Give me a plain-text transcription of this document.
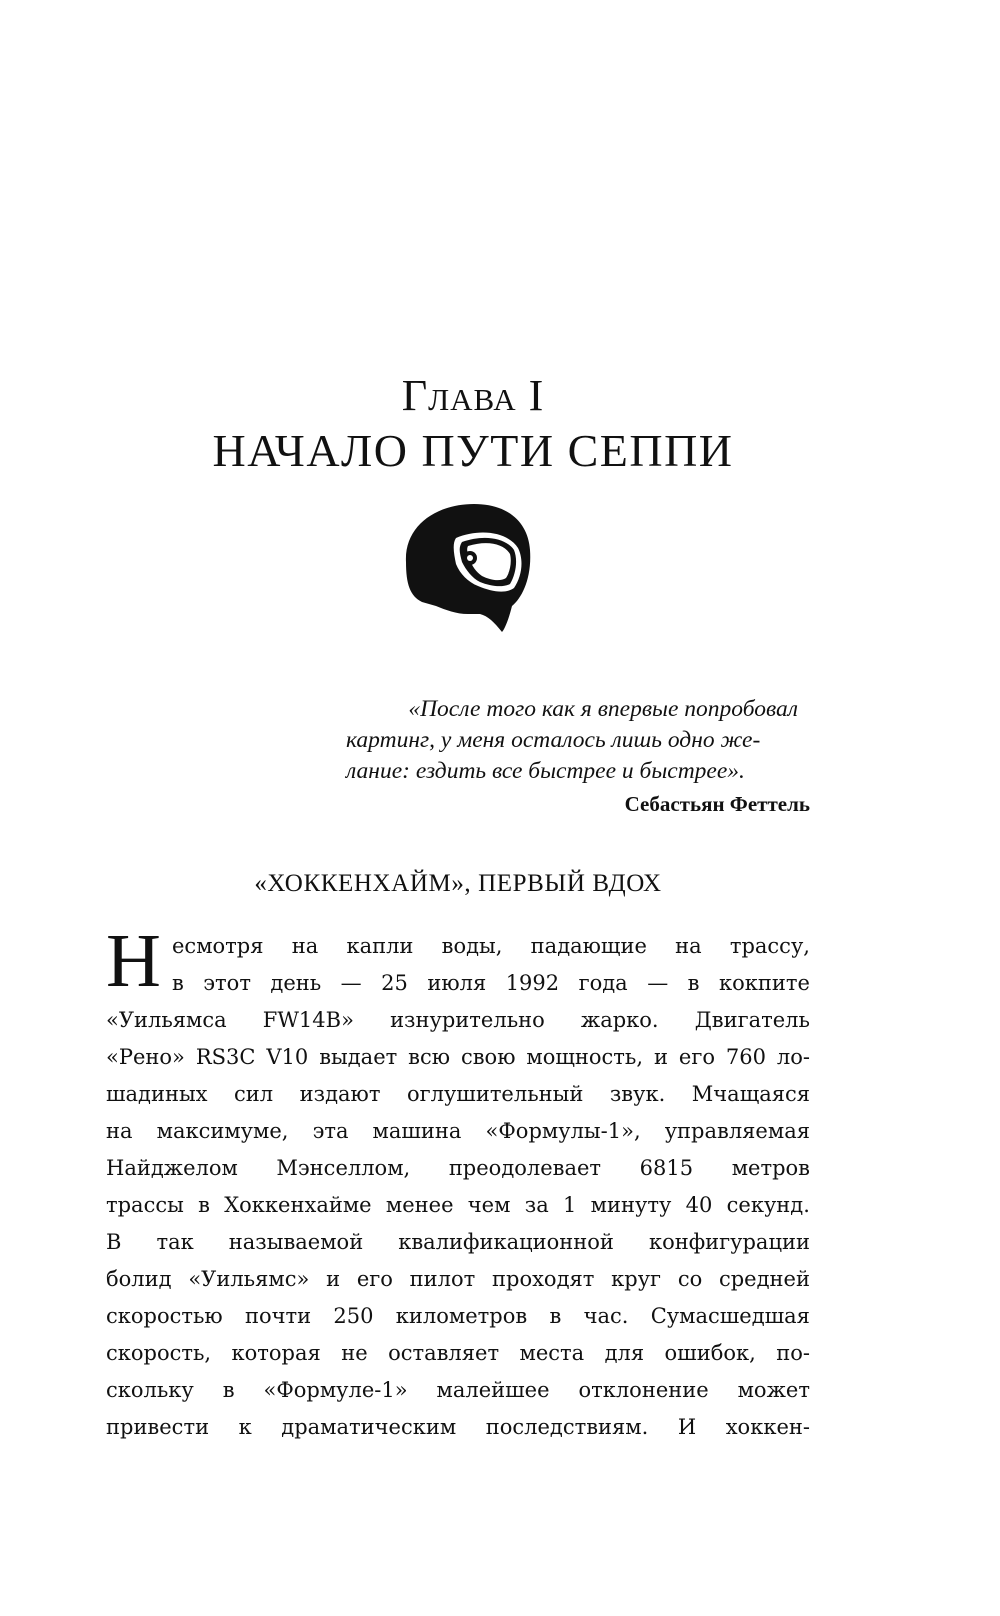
Глава I
НАЧАЛО ПУТИ СЕППИ
«После того как я впервые попробовал
картинг, у меня осталось лишь одно же-
лание: ездить все быстрее и быстрее».
Себастьян Феттель
«ХОККЕНХАЙМ», ПЕРВЫЙ ВДОХ
Н есмотря на капли воды, падающие на трассу,
в этот день — 25 июля 1992 года — в кокпите
«Уильямса FW14B» изнурительно жарко. Двигатель
«Рено» RS3C V10 выдает всю свою мощность, и его 760 ло-
шадиных сил издают оглушительный звук. Мчащаяся
на максимуме, эта машина «Формулы-1», управляемая
Найджелом Мэнселлом, преодолевает 6815 метров
трассы в Хоккенхайме менее чем за 1 минуту 40 секунд.
В так называемой квалификационной конфигурации
болид «Уильямс» и его пилот проходят круг со средней
скоростью почти 250 километров в час. Сумасшедшая
скорость, которая не оставляет места для ошибок, по-
скольку в «Формуле-1» малейшее отклонение может
привести к драматическим последствиям. И хоккен-
